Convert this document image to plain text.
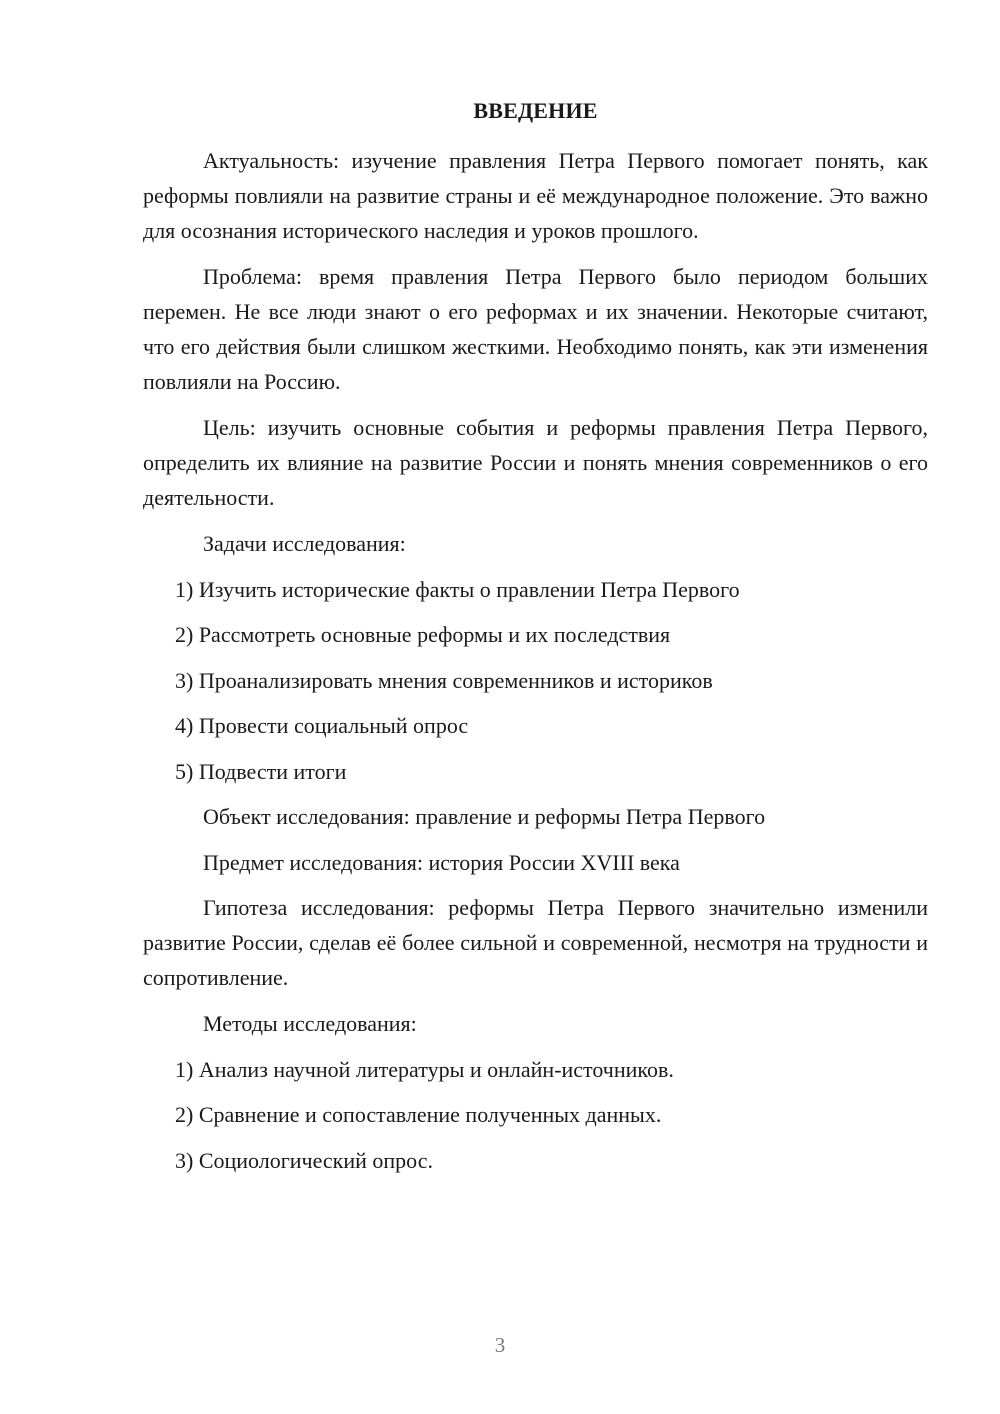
ВВЕДЕНИЕ

Актуальность: изучение правления Петра Первого помогает понять, как реформы повлияли на развитие страны и её международное положение. Это важно для осознания исторического наследия и уроков прошлого.

Проблема: время правления Петра Первого было периодом больших перемен. Не все люди знают о его реформах и их значении. Некоторые считают, что его действия были слишком жесткими. Необходимо понять, как эти изменения повлияли на Россию.

Цель: изучить основные события и реформы правления Петра Первого, определить их влияние на развитие России и понять мнения современников о его деятельности.

Задачи исследования:

1) Изучить исторические факты о правлении Петра Первого

2) Рассмотреть основные реформы и их последствия

3) Проанализировать мнения современников и историков

4) Провести социальный опрос

5) Подвести итоги

Объект исследования: правление и реформы Петра Первого

Предмет исследования: история России XVIII века

Гипотеза исследования: реформы Петра Первого значительно изменили развитие России, сделав её более сильной и современной, несмотря на трудности и сопротивление.

Методы исследования:

1) Анализ научной литературы и онлайн-источников.

2) Сравнение и сопоставление полученных данных.

3) Социологический опрос.

3
